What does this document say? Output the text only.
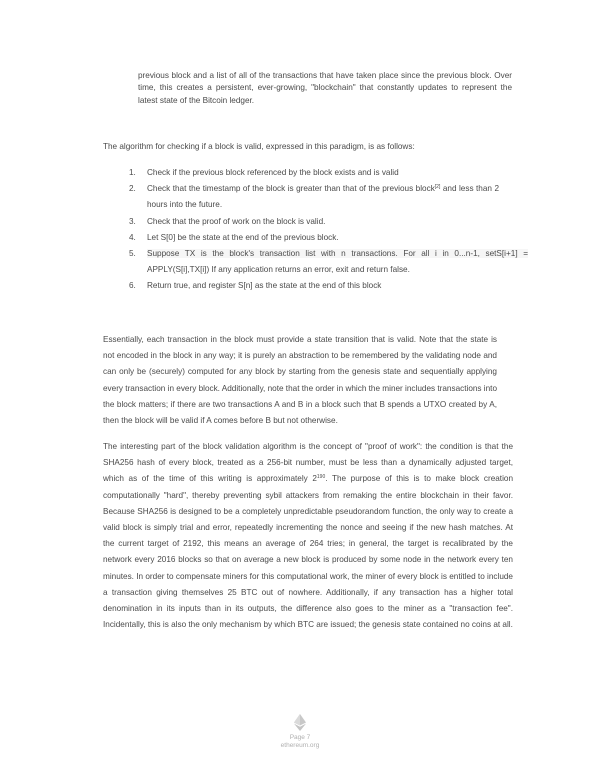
previous block and a list of all of the transactions that have taken place since the previous block. Over time, this creates a persistent, ever-growing, "blockchain" that constantly updates to represent the latest state of the Bitcoin ledger.

The algorithm for checking if a block is valid, expressed in this paradigm, is as follows:

1. Check if the previous block referenced by the block exists and is valid
2. Check that the timestamp of the block is greater than that of the previous block[2] and less than 2 hours into the future.
3. Check that the proof of work on the block is valid.
4. Let S[0] be the state at the end of the previous block.
5. Suppose TX is the block's transaction list with n transactions. For all i in 0...n-1, setS[i+1] = APPLY(S[i],TX[i]) If any application returns an error, exit and return false.
6. Return true, and register S[n] as the state at the end of this block

Essentially, each transaction in the block must provide a state transition that is valid. Note that the state is not encoded in the block in any way; it is purely an abstraction to be remembered by the validating node and can only be (securely) computed for any block by starting from the genesis state and sequentially applying every transaction in every block. Additionally, note that the order in which the miner includes transactions into the block matters; if there are two transactions A and B in a block such that B spends a UTXO created by A, then the block will be valid if A comes before B but not otherwise.

The interesting part of the block validation algorithm is the concept of "proof of work": the condition is that the SHA256 hash of every block, treated as a 256-bit number, must be less than a dynamically adjusted target, which as of the time of this writing is approximately $2^{190}$. The purpose of this is to make block creation computationally "hard", thereby preventing sybil attackers from remaking the entire blockchain in their favor. Because SHA256 is designed to be a completely unpredictable pseudorandom function, the only way to create a valid block is simply trial and error, repeatedly incrementing the nonce and seeing if the new hash matches. At the current target of 2192, this means an average of 264 tries; in general, the target is recalibrated by the network every 2016 blocks so that on average a new block is produced by some node in the network every ten minutes. In order to compensate miners for this computational work, the miner of every block is entitled to include a transaction giving themselves 25 BTC out of nowhere. Additionally, if any transaction has a higher total denomination in its inputs than in its outputs, the difference also goes to the miner as a "transaction fee". Incidentally, this is also the only mechanism by which BTC are issued; the genesis state contained no coins at all.

Page 7
ethereum.org
